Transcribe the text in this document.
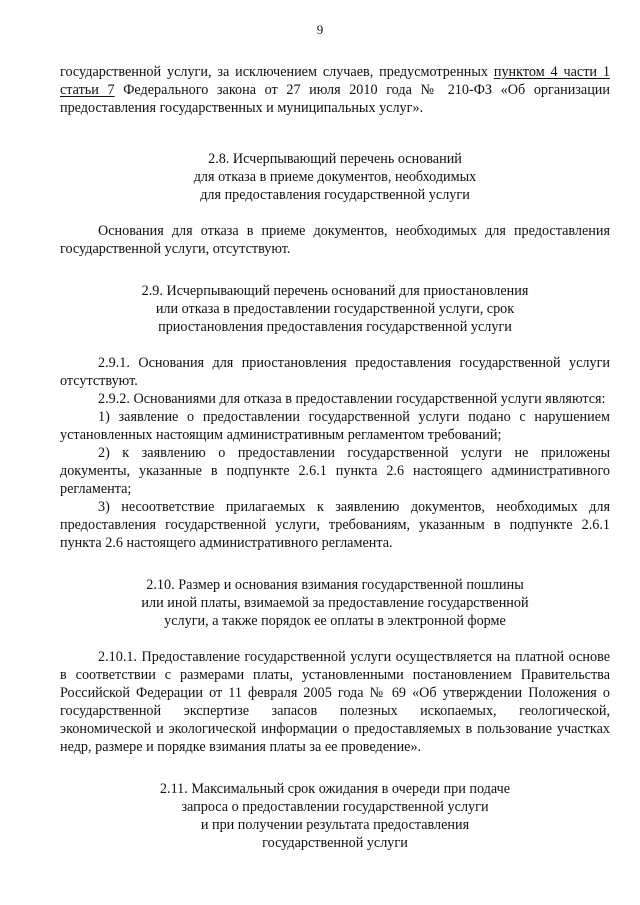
9

государственной услуги, за исключением случаев, предусмотренных пунктом 4 части 1 статьи 7 Федерального закона от 27 июля 2010 года № 210-ФЗ «Об организации предоставления государственных и муниципальных услуг».

2.8. Исчерпывающий перечень оснований
для отказа в приеме документов, необходимых
для предоставления государственной услуги

Основания для отказа в приеме документов, необходимых для предоставления государственной услуги, отсутствуют.

2.9. Исчерпывающий перечень оснований для приостановления
или отказа в предоставлении государственной услуги, срок
приостановления предоставления государственной услуги

2.9.1. Основания для приостановления предоставления государственной услуги отсутствуют.

2.9.2. Основаниями для отказа в предоставлении государственной услуги являются:

1) заявление о предоставлении государственной услуги подано с нарушением установленных настоящим административным регламентом требований;

2) к заявлению о предоставлении государственной услуги не приложены документы, указанные в подпункте 2.6.1 пункта 2.6 настоящего административного регламента;

3) несоответствие прилагаемых к заявлению документов, необходимых для предоставления государственной услуги, требованиям, указанным в подпункте 2.6.1 пункта 2.6 настоящего административного регламента.

2.10. Размер и основания взимания государственной пошлины
или иной платы, взимаемой за предоставление государственной
услуги, а также порядок ее оплаты в электронной форме

2.10.1. Предоставление государственной услуги осуществляется на платной основе в соответствии с размерами платы, установленными постановлением Правительства Российской Федерации от 11 февраля 2005 года № 69 «Об утверждении Положения о государственной экспертизе запасов полезных ископаемых, геологической, экономической и экологической информации о предоставляемых в пользование участках недр, размере и порядке взимания платы за ее проведение».

2.11. Максимальный срок ожидания в очереди при подаче
запроса о предоставлении государственной услуги
и при получении результата предоставления
государственной услуги
